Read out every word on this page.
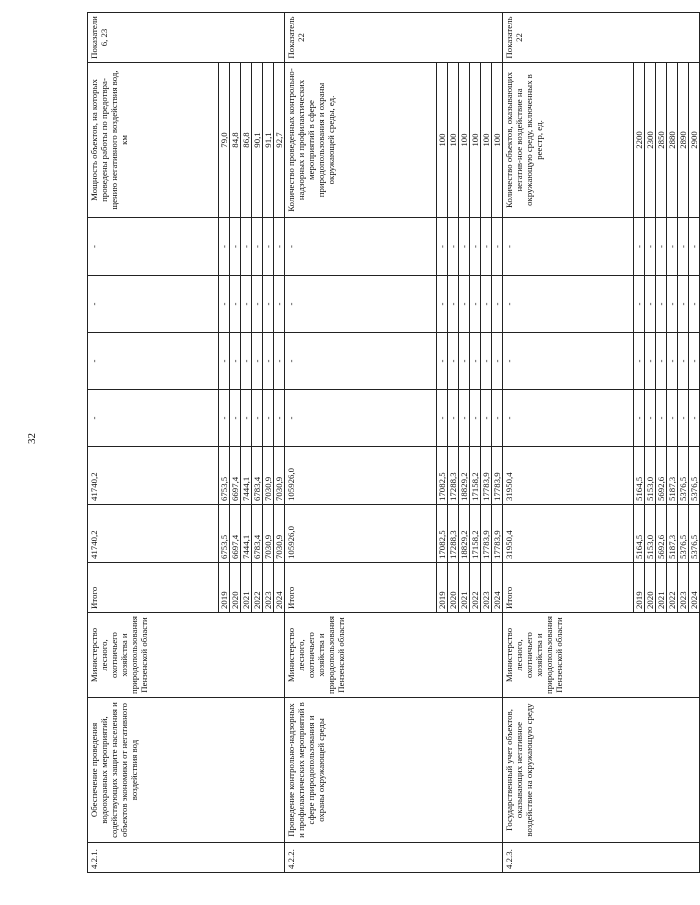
32
4.2.1.	Обеспечение проведения водоохранных мероприятий, содействующих защите населения и объектов экономики от негативного воздействия вод	Министерство лесного, охотничьего хозяйства и природопользования Пензенской области	Итого	41740,2	41740,2	-	-	-	-	Мощность объектов, на которых проведены работы по предотвра-щению негативного воздействия вод, км	Показатели 6, 23
			2019	6753,5	6753,5	-	-	-	-	79,0	
			2020	6697,4	6697,4	-	-	-	-	84,8	
			2021	7444,1	7444,1	-	-	-	-	86,8	
			2022	6783,4	6783,4	-	-	-	-	90,1	
			2023	7030,9	7030,9	-	-	-	-	91,1	
			2024	7030,9	7030,9	-	-	-	-	92,7	
4.2.2.	Проведение контрольно-надзорных и профилактических мероприятий в сфере природопользования и охраны окружающей среды	Министерство лесного, охотничьего хозяйства и природопользования Пензенской области	Итого	105926,0	105926,0	-	-	-	-	Количество проведенных контрольно-надзорных и профилактических мероприятий в сфере природопользования и охраны окружающей среды, ед.	Показатель 22
			2019	17082,5	17082,5	-	-	-	-	100	
			2020	17288,3	17288,3	-	-	-	-	100	
			2021	18829,2	18829,2	-	-	-	-	100	
			2022	17158,2	17158,2	-	-	-	-	100	
			2023	17783,9	17783,9	-	-	-	-	100	
			2024	17783,9	17783,9	-	-	-	-	100	
4.2.3.	Государственный учет объектов, оказывающих негативное воздействие на окружающую среду	Министерство лесного, охотничьего хозяйства и природопользования Пензенской области	Итого	31950,4	31950,4	-	-	-	-	Количество объектов, оказывающих негатив-ное воздействие на окружающую среду, включенных в реестр, ед.	Показатель 22
			2019	5164,5	5164,5	-	-	-	-	2200	
			2020	5153,0	5153,0	-	-	-	-	2300	
			2021	5692,6	5692,6	-	-	-	-	2850	
			2022	5187,3	5187,3	-	-	-	-	2880	
			2023	5376,5	5376,5	-	-	-	-	2890	
			2024	5376,5	5376,5	-	-	-	-	2900	
